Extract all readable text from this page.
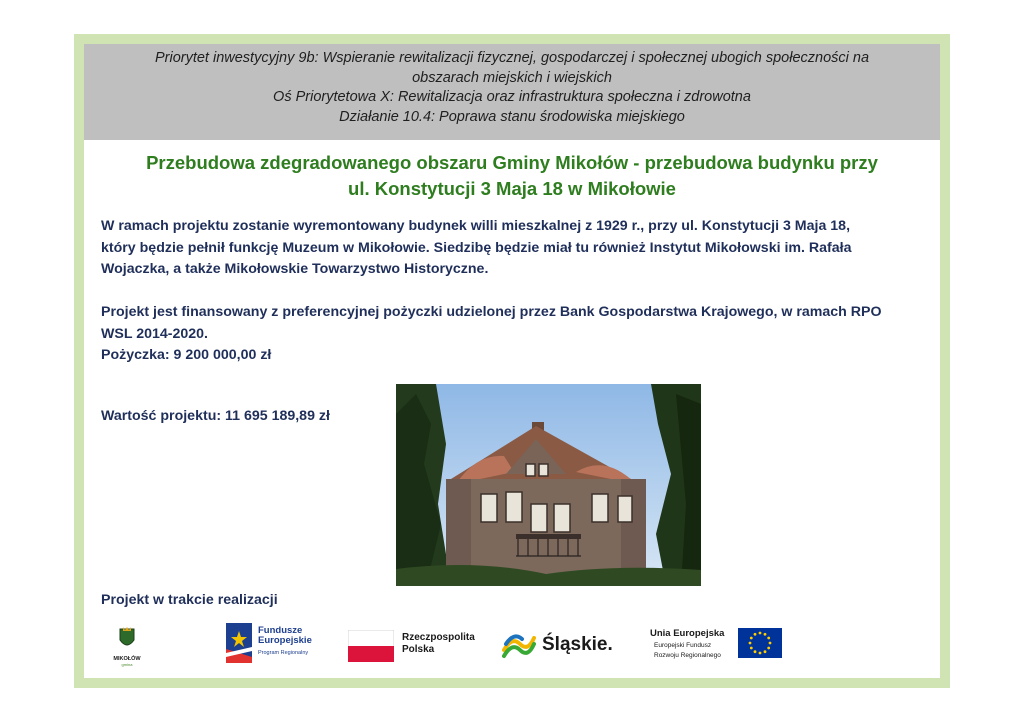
Priorytet inwestycyjny 9b: Wspieranie rewitalizacji fizycznej, gospodarczej i społecznej ubogich społeczności na

obszarach miejskich i wiejskich

Oś Priorytetowa X: Rewitalizacja oraz infrastruktura społeczna i zdrowotna

Działanie 10.4: Poprawa stanu środowiska miejskiego

Przebudowa zdegradowanego obszaru Gminy Mikołów - przebudowa budynku przy

ul. Konstytucji 3 Maja 18 w Mikołowie

W ramach projektu zostanie wyremontowany budynek willi mieszkalnej z 1929 r., przy ul. Konstytucji 3 Maja 18,

który będzie pełnił funkcję Muzeum w Mikołowie. Siedzibę będzie miał tu również Instytut Mikołowski im. Rafała

Wojaczka, a także Mikołowskie Towarzystwo Historyczne.

Projekt jest finansowany z preferencyjnej pożyczki udzielonej przez Bank Gospodarstwa Krajowego, w ramach RPO

WSL 2014-2020.

Pożyczka: 9 200 000,00 zł

Wartość projektu: 11 695 189,89 zł

Projekt w trakcie realizacji

MIKOŁÓW
gmina
Fundusze
Europejskie
Program Regionalny
Rzeczpospolita
Polska	Śląskie.
Unia Europejska
Europejski Fundusz
Rozwoju Regionalnego
